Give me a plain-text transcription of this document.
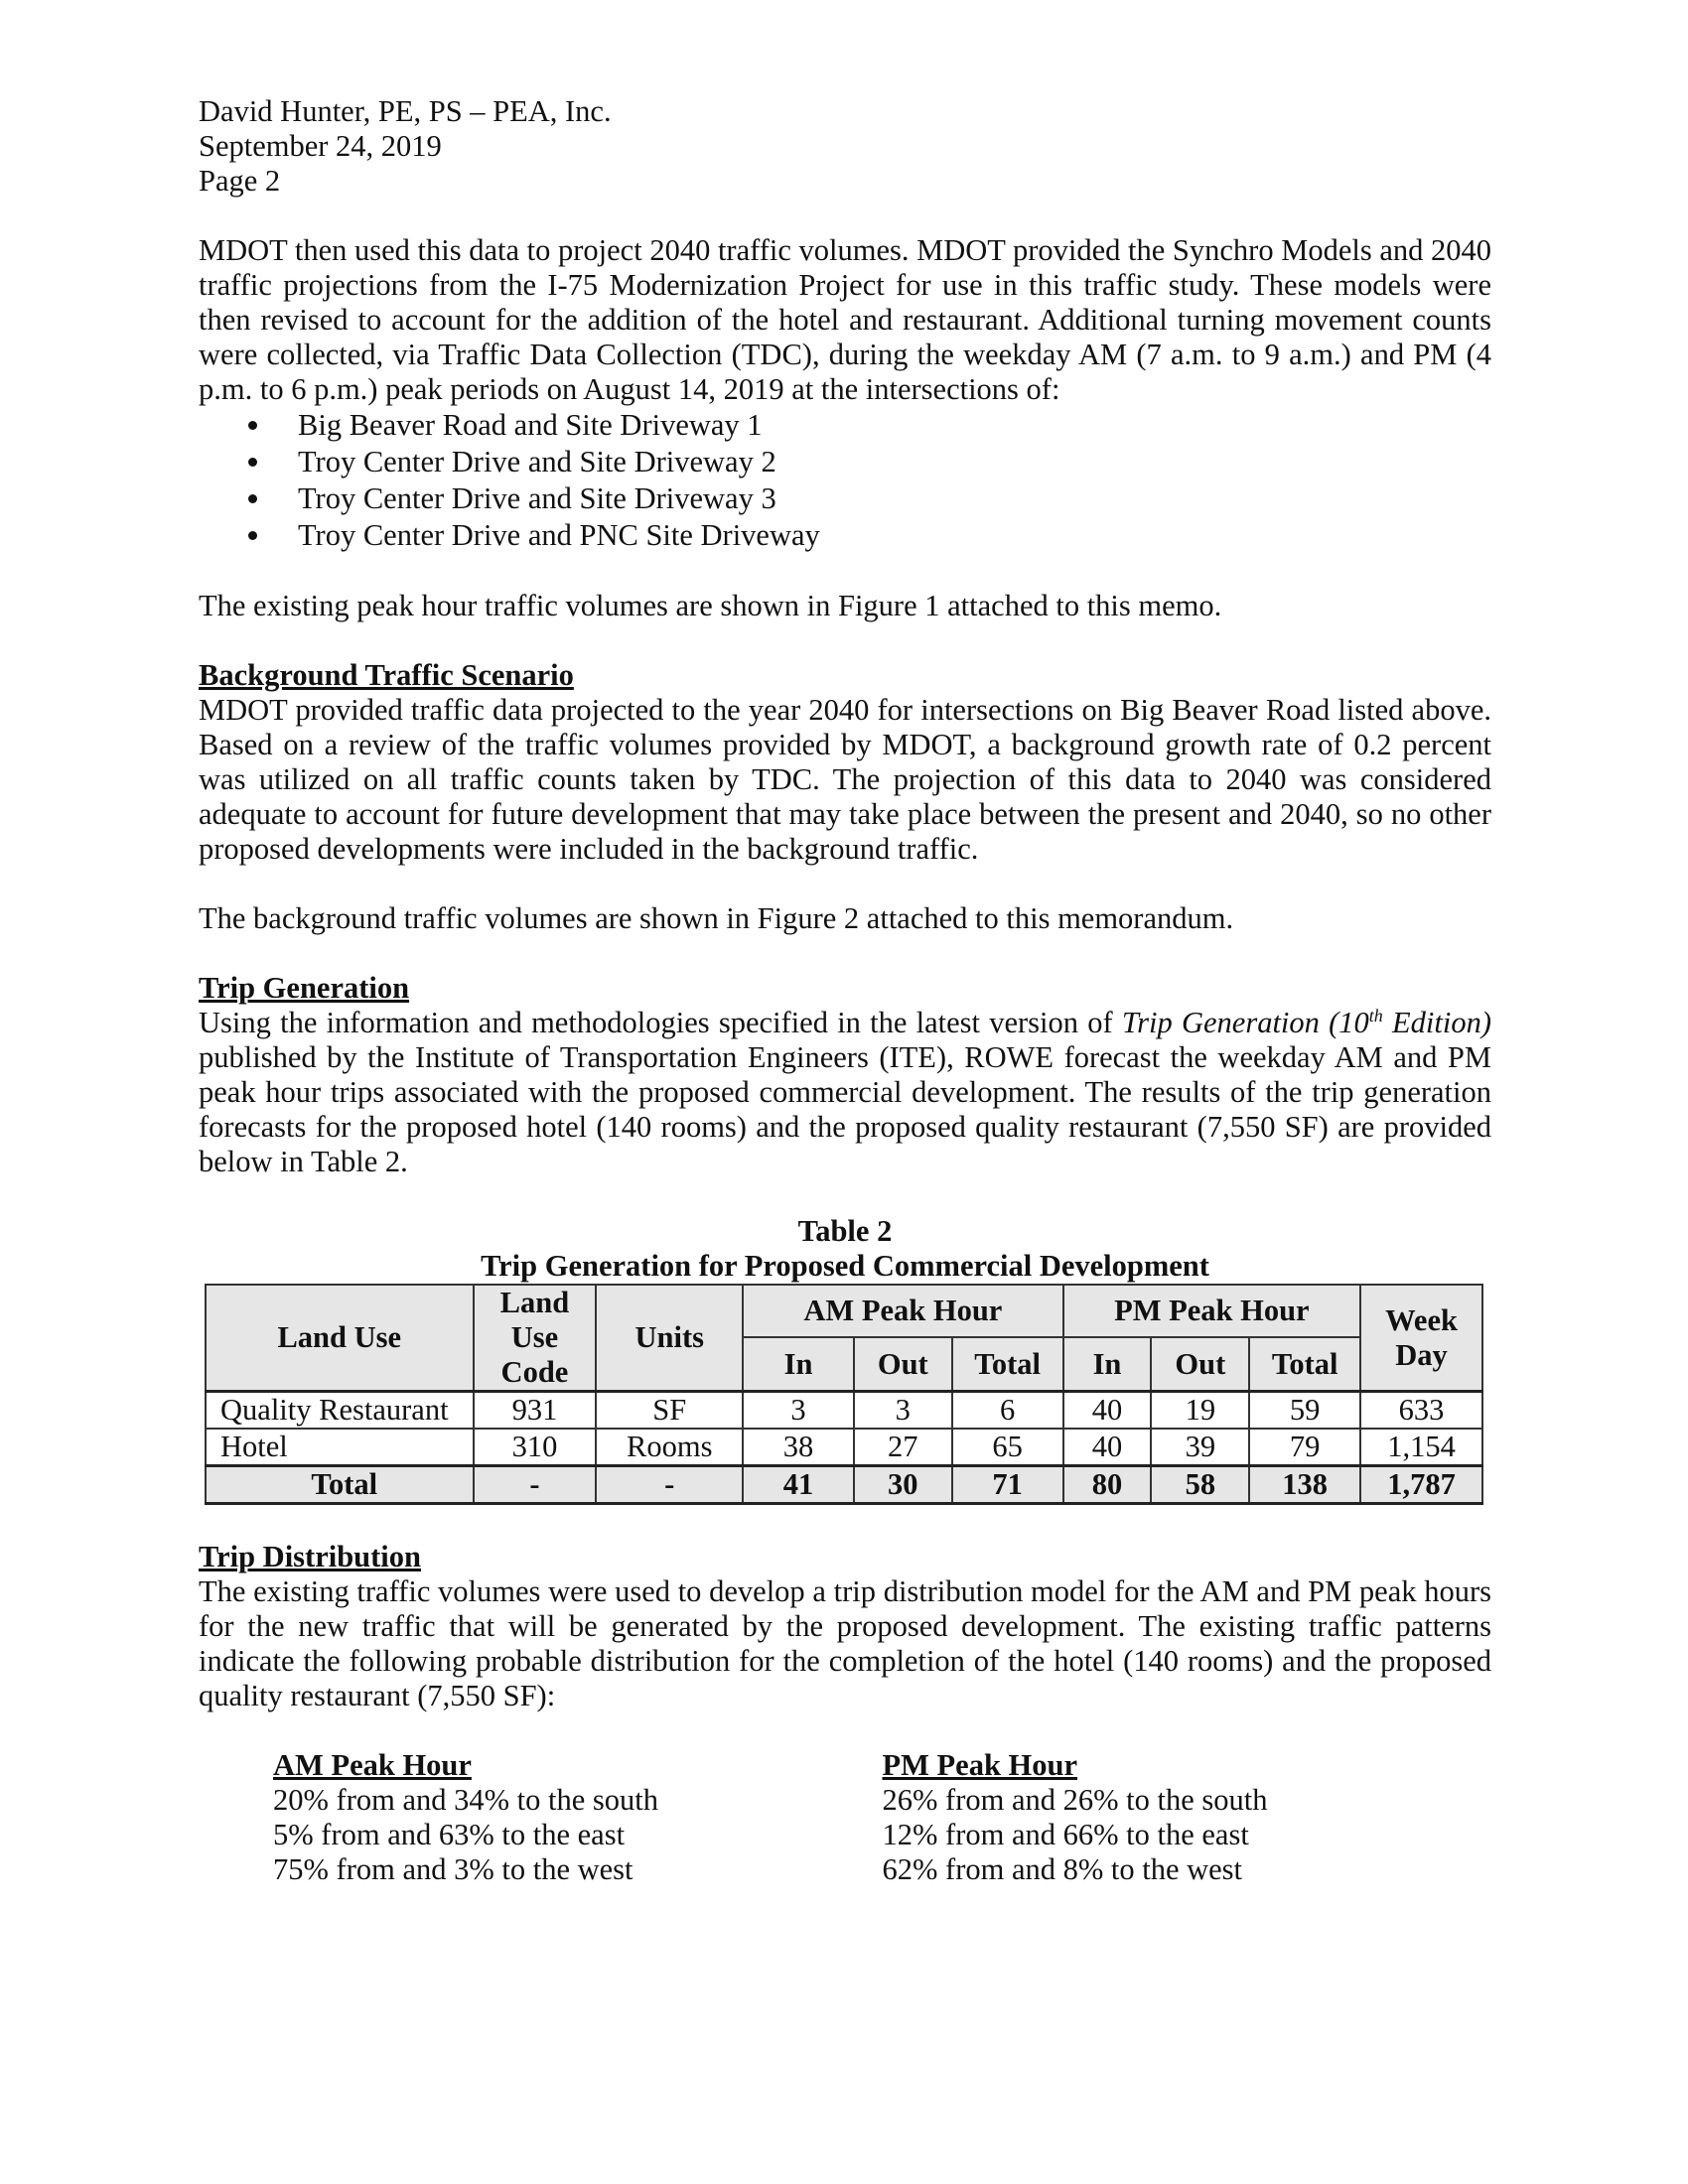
David Hunter, PE, PS – PEA, Inc.
September 24, 2019
Page 2

MDOT then used this data to project 2040 traffic volumes. MDOT provided the Synchro Models and 2040 traffic projections from the I-75 Modernization Project for use in this traffic study. These models were then revised to account for the addition of the hotel and restaurant. Additional turning movement counts were collected, via Traffic Data Collection (TDC), during the weekday AM (7 a.m. to 9 a.m.) and PM (4 p.m. to 6 p.m.) peak periods on August 14, 2019 at the intersections of:

Big Beaver Road and Site Driveway 1
Troy Center Drive and Site Driveway 2
Troy Center Drive and Site Driveway 3
Troy Center Drive and PNC Site Driveway

The existing peak hour traffic volumes are shown in Figure 1 attached to this memo.

Background Traffic Scenario

MDOT provided traffic data projected to the year 2040 for intersections on Big Beaver Road listed above. Based on a review of the traffic volumes provided by MDOT, a background growth rate of 0.2 percent was utilized on all traffic counts taken by TDC. The projection of this data to 2040 was considered adequate to account for future development that may take place between the present and 2040, so no other proposed developments were included in the background traffic.

The background traffic volumes are shown in Figure 2 attached to this memorandum.

Trip Generation

Using the information and methodologies specified in the latest version of Trip Generation (10th Edition) published by the Institute of Transportation Engineers (ITE), ROWE forecast the weekday AM and PM peak hour trips associated with the proposed commercial development. The results of the trip generation forecasts for the proposed hotel (140 rooms) and the proposed quality restaurant (7,550 SF) are provided below in Table 2.

Table 2
Trip Generation for Proposed Commercial Development
Land Use	Land Use Code	Units	AM Peak Hour			PM Peak Hour			Week Day
			In	Out	Total	In	Out	Total	
Quality Restaurant	931	SF	3	3	6	40	19	59	633
Hotel	310	Rooms	38	27	65	40	39	79	1,154
Total	-	-	41	30	71	80	58	138	1,787

Trip Distribution

The existing traffic volumes were used to develop a trip distribution model for the AM and PM peak hours for the new traffic that will be generated by the proposed development. The existing traffic patterns indicate the following probable distribution for the completion of the hotel (140 rooms) and the proposed quality restaurant (7,550 SF):

AM Peak Hour

20% from and 34% to the south

5% from and 63% to the east

75% from and 3% to the west

PM Peak Hour

26% from and 26% to the south

12% from and 66% to the east

62% from and 8% to the west
